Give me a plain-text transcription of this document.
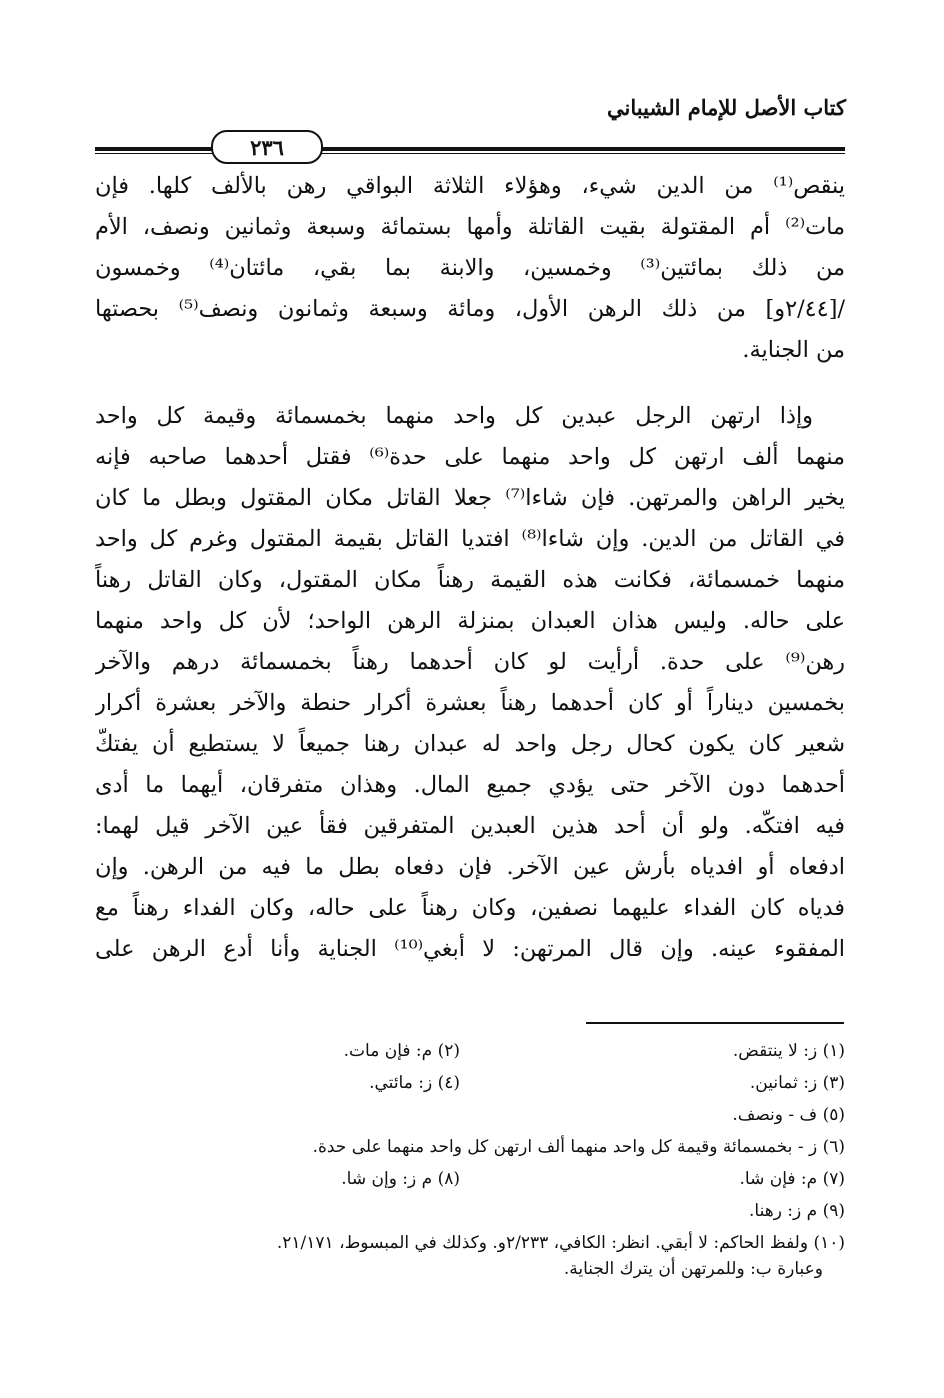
كتاب الأصل للإمام الشيباني
٢٣٦
ينقص⁽¹⁾ من الدين شيء، وهؤلاء الثلاثة البواقي رهن بالألف كلها. فإن
مات⁽²⁾ أم المقتولة بقيت القاتلة وأمها بستمائة وسبعة وثمانين ونصف، الأم
من ذلك بمائتين⁽³⁾ وخمسين، والابنة بما بقي، مائتان⁽⁴⁾ وخمسون
/[٢/٤٤و] من ذلك الرهن الأول، ومائة وسبعة وثمانون ونصف⁽⁵⁾ بحصتها
من الجناية.
وإذا ارتهن الرجل عبدين كل واحد منهما بخمسمائة وقيمة كل واحد
منهما ألف ارتهن كل واحد منهما على حدة⁽⁶⁾ فقتل أحدهما صاحبه فإنه
يخير الراهن والمرتهن. فإن شاءا⁽⁷⁾ جعلا القاتل مكان المقتول وبطل ما كان
في القاتل من الدين. وإن شاءا⁽⁸⁾ افتديا القاتل بقيمة المقتول وغرم كل واحد
منهما خمسمائة، فكانت هذه القيمة رهناً مكان المقتول، وكان القاتل رهناً
على حاله. وليس هذان العبدان بمنزلة الرهن الواحد؛ لأن كل واحد منهما
رهن⁽⁹⁾ على حدة. أرأيت لو كان أحدهما رهناً بخمسمائة درهم والآخر
بخمسين ديناراً أو كان أحدهما رهناً بعشرة أكرار حنطة والآخر بعشرة أكرار
شعير كان يكون كحال رجل واحد له عبدان رهنا جميعاً لا يستطيع أن يفتكّ
أحدهما دون الآخر حتى يؤدي جميع المال. وهذان متفرقان، أيهما ما أدى
فيه افتكّه. ولو أن أحد هذين العبدين المتفرقين فقأ عين الآخر قيل لهما:
ادفعاه أو افدياه بأرش عين الآخر. فإن دفعاه بطل ما فيه من الرهن. وإن
فدياه كان الفداء عليهما نصفين، وكان رهناً على حاله، وكان الفداء رهناً مع
المفقوء عينه. وإن قال المرتهن: لا أبغي⁽¹⁰⁾ الجناية وأنا أدع الرهن على
(١) ز: لا ينتقض.
(٢) م: فإن مات.
(٣) ز: ثمانين.
(٤) ز: مائتي.
(٥) ف - ونصف.
(٦) ز - بخمسمائة وقيمة كل واحد منهما ألف ارتهن كل واحد منهما على حدة.
(٧) م: فإن شا.
(٨) م ز: وإن شا.
(٩) م ز: رهنا.
(١٠) ولفظ الحاكم: لا أبقي. انظر: الكافي، ٢/٢٣٣و. وكذلك في المبسوط، ٢١/١٧١.
وعبارة ب: وللمرتهن أن يترك الجناية.
